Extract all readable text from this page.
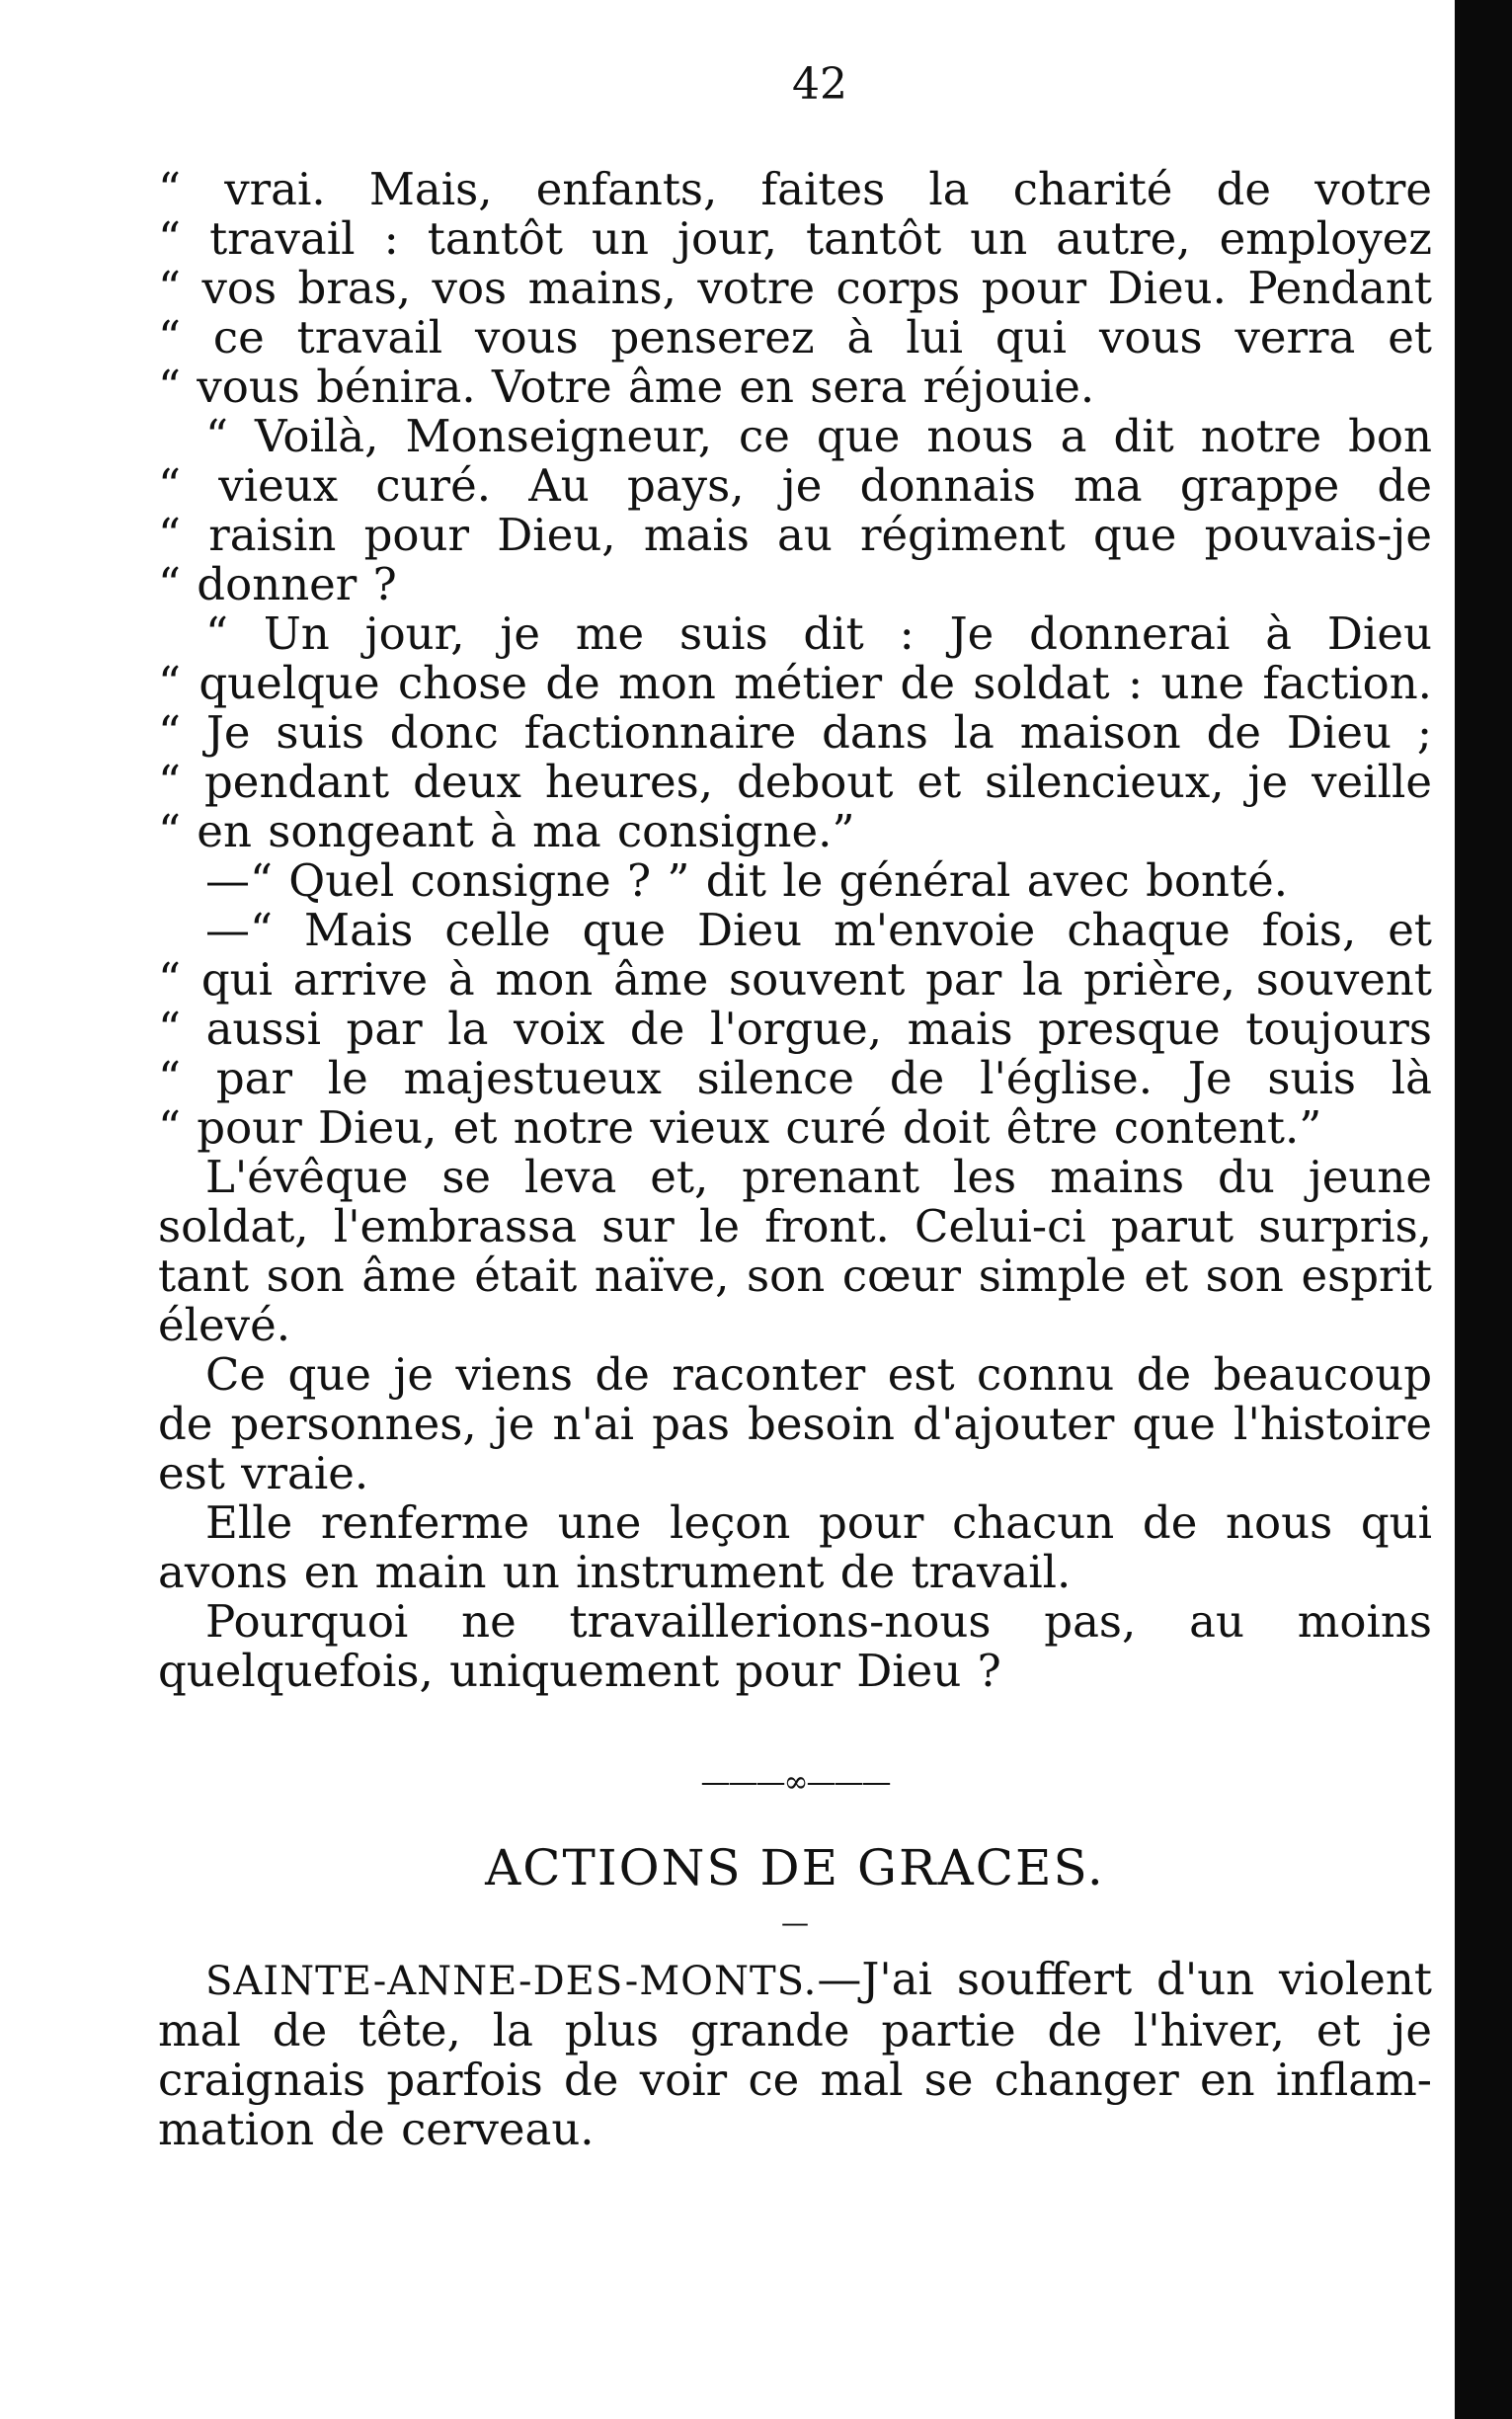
42

“ vrai. Mais, enfants, faites la charité de votre
“ travail : tantôt un jour, tantôt un autre, employez
“ vos bras, vos mains, votre corps pour Dieu. Pendant
“ ce travail vous penserez à lui qui vous verra et
“ vous bénira. Votre âme en sera réjouie.

“ Voilà, Monseigneur, ce que nous a dit notre bon
“ vieux curé. Au pays, je donnais ma grappe de
“ raisin pour Dieu, mais au régiment que pouvais-je
“ donner ?

“ Un jour, je me suis dit : Je donnerai à Dieu
“ quelque chose de mon métier de soldat : une faction.
“ Je suis donc factionnaire dans la maison de Dieu ;
“ pendant deux heures, debout et silencieux, je veille
“ en songeant à ma consigne.”

—“ Quel consigne ? ” dit le général avec bonté.

—“ Mais celle que Dieu m'envoie chaque fois, et
“ qui arrive à mon âme souvent par la prière, souvent
“ aussi par la voix de l'orgue, mais presque toujours
“ par le majestueux silence de l'église. Je suis là
“ pour Dieu, et notre vieux curé doit être content.”

L'évêque se leva et, prenant les mains du jeune
soldat, l'embrassa sur le front. Celui-ci parut surpris,
tant son âme était naïve, son cœur simple et son esprit
élevé.

Ce que je viens de raconter est connu de beaucoup
de personnes, je n'ai pas besoin d'ajouter que l'histoire
est vraie.

Elle renferme une leçon pour chacun de nous qui
avons en main un instrument de travail.

Pourquoi ne travaillerions-nous pas, au moins
quelquefois, uniquement pour Dieu ?

———∞———
ACTIONS DE GRACES.
—

SAINTE-ANNE-DES-MONTS.—J'ai souffert d'un violent
mal de tête, la plus grande partie de l'hiver, et je
craignais parfois de voir ce mal se changer en inflam-
mation de cerveau.
